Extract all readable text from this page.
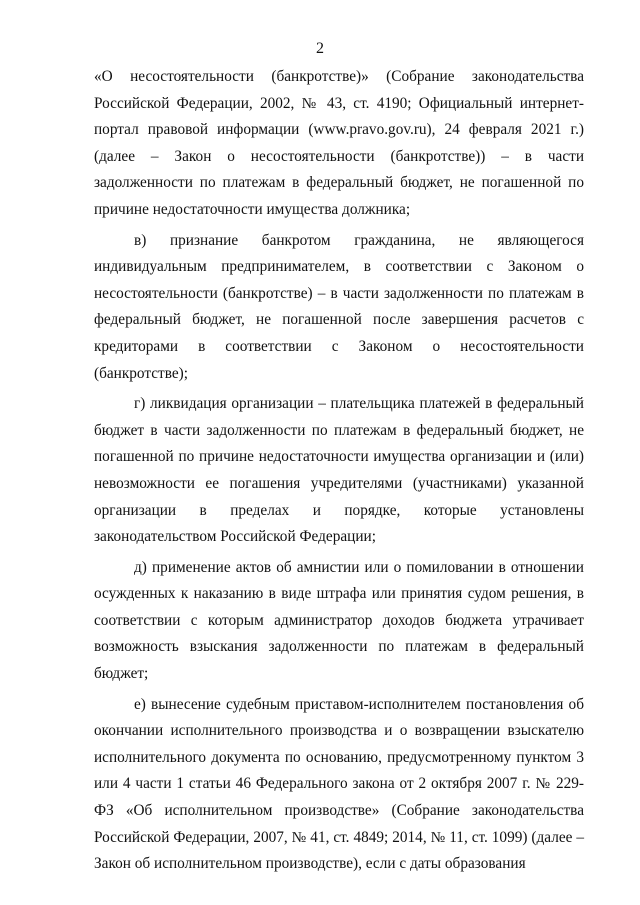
2

«О несостоятельности (банкротстве)» (Собрание законодательства Российской Федерации, 2002, № 43, ст. 4190; Официальный интернет-портал правовой информации (www.pravo.gov.ru), 24 февраля 2021 г.) (далее – Закон о несостоятельности (банкротстве)) – в части задолженности по платежам в федеральный бюджет, не погашенной по причине недостаточности имущества должника;

в) признание банкротом гражданина, не являющегося индивидуальным предпринимателем, в соответствии с Законом о несостоятельности (банкротстве) – в части задолженности по платежам в федеральный бюджет, не погашенной после завершения расчетов с кредиторами в соответствии с Законом о несостоятельности (банкротстве);

г) ликвидация организации – плательщика платежей в федеральный бюджет в части задолженности по платежам в федеральный бюджет, не погашенной по причине недостаточности имущества организации и (или) невозможности ее погашения учредителями (участниками) указанной организации в пределах и порядке, которые установлены законодательством Российской Федерации;

д) применение актов об амнистии или о помиловании в отношении осужденных к наказанию в виде штрафа или принятия судом решения, в соответствии с которым администратор доходов бюджета утрачивает возможность взыскания задолженности по платежам в федеральный бюджет;

е) вынесение судебным приставом-исполнителем постановления об окончании исполнительного производства и о возвращении взыскателю исполнительного документа по основанию, предусмотренному пунктом 3 или 4 части 1 статьи 46 Федерального закона от 2 октября 2007 г. № 229-ФЗ «Об исполнительном производстве» (Собрание законодательства Российской Федерации, 2007, № 41, ст. 4849; 2014, № 11, ст. 1099) (далее – Закон об исполнительном производстве), если с даты образования
